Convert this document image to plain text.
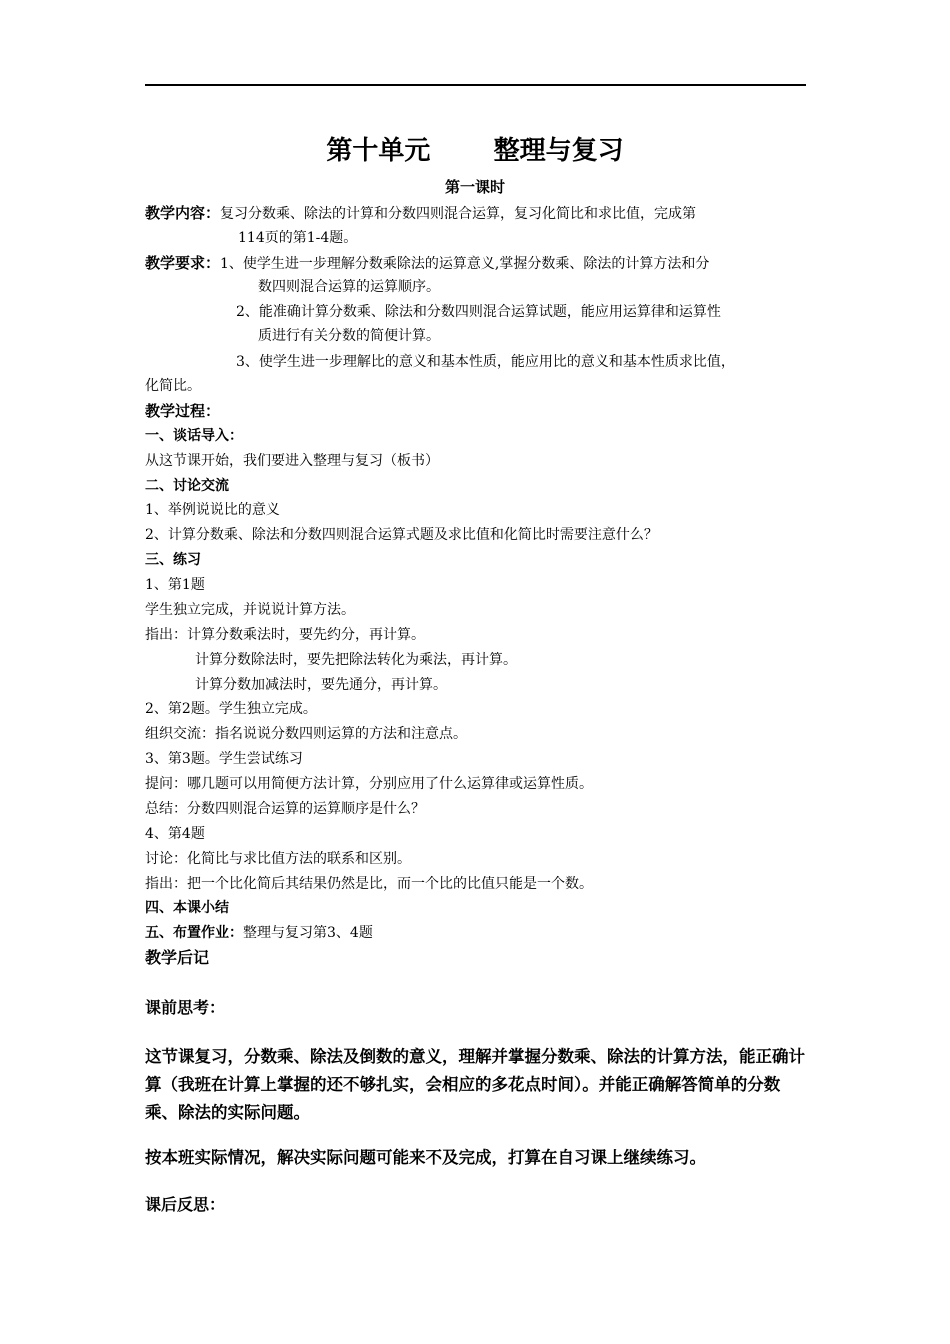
第十单元       整理与复习
第一课时
教学内容：复习分数乘、除法的计算和分数四则混合运算，复习化简比和求比值，完成第
114页的第1-4题。
教学要求：1、使学生进一步理解分数乘除法的运算意义,掌握分数乘、除法的计算方法和分
数四则混合运算的运算顺序。
2、能准确计算分数乘、除法和分数四则混合运算试题，能应用运算律和运算性
质进行有关分数的简便计算。
3、使学生进一步理解比的意义和基本性质，能应用比的意义和基本性质求比值，
化简比。
教学过程：
一、谈话导入：
从这节课开始，我们要进入整理与复习（板书）
二、讨论交流
1、举例说说比的意义
2、计算分数乘、除法和分数四则混合运算式题及求比值和化简比时需要注意什么？
三、练习
1、第1题
学生独立完成，并说说计算方法。
指出：计算分数乘法时，要先约分，再计算。
计算分数除法时，要先把除法转化为乘法，再计算。
计算分数加减法时，要先通分，再计算。
2、第2题。学生独立完成。
组织交流：指名说说分数四则运算的方法和注意点。
3、第3题。学生尝试练习
提问：哪几题可以用简便方法计算，分别应用了什么运算律或运算性质。
总结：分数四则混合运算的运算顺序是什么？
4、第4题
讨论：化简比与求比值方法的联系和区别。
指出：把一个比化简后其结果仍然是比，而一个比的比值只能是一个数。
四、本课小结
五、布置作业：整理与复习第3、4题
教学后记
课前思考：
这节课复习，分数乘、除法及倒数的意义，理解并掌握分数乘、除法的计算方法，能正确计算（我班在计算上掌握的还不够扎实，会相应的多花点时间）。并能正确解答简单的分数乘、除法的实际问题。
按本班实际情况，解决实际问题可能来不及完成，打算在自习课上继续练习。
课后反思：
